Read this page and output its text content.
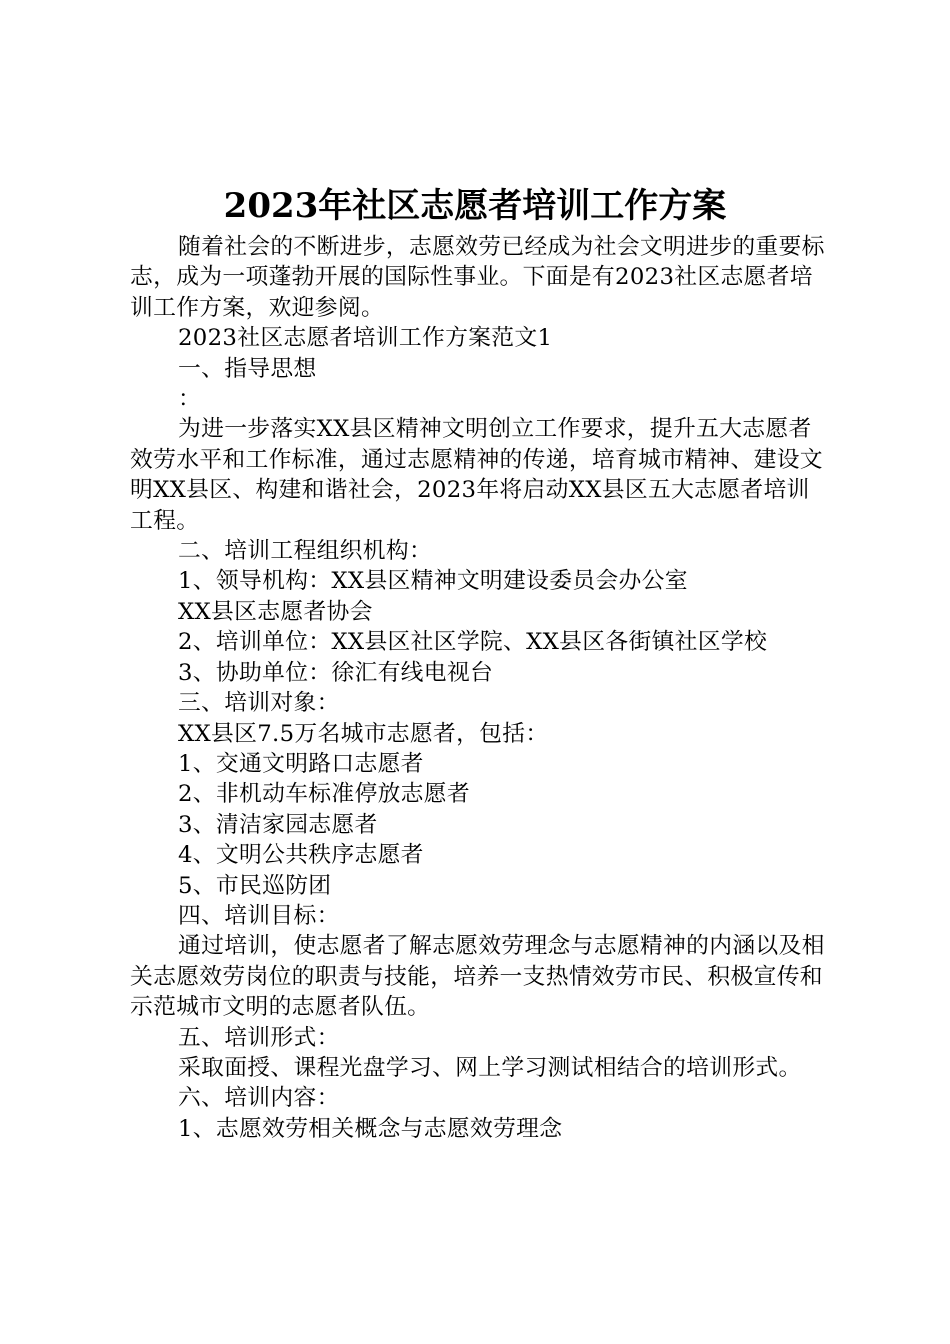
2023年社区志愿者培训工作方案

随着社会的不断进步，志愿效劳已经成为社会文明进步的重要标志，成为一项蓬勃开展的国际性事业。下面是有2023社区志愿者培训工作方案，欢迎参阅。

2023社区志愿者培训工作方案范文1

一、指导思想

：

为进一步落实XX县区精神文明创立工作要求，提升五大志愿者效劳水平和工作标准，通过志愿精神的传递，培育城市精神、建设文明XX县区、构建和谐社会，2023年将启动XX县区五大志愿者培训工程。

二、培训工程组织机构：

1、领导机构：XX县区精神文明建设委员会办公室

XX县区志愿者协会

2、培训单位：XX县区社区学院、XX县区各街镇社区学校

3、协助单位：徐汇有线电视台

三、培训对象：

XX县区7.5万名城市志愿者，包括：

1、交通文明路口志愿者

2、非机动车标准停放志愿者

3、清洁家园志愿者

4、文明公共秩序志愿者

5、市民巡防团

四、培训目标：

通过培训，使志愿者了解志愿效劳理念与志愿精神的内涵以及相关志愿效劳岗位的职责与技能，培养一支热情效劳市民、积极宣传和示范城市文明的志愿者队伍。

五、培训形式：

采取面授、课程光盘学习、网上学习测试相结合的培训形式。

六、培训内容：

1、志愿效劳相关概念与志愿效劳理念
